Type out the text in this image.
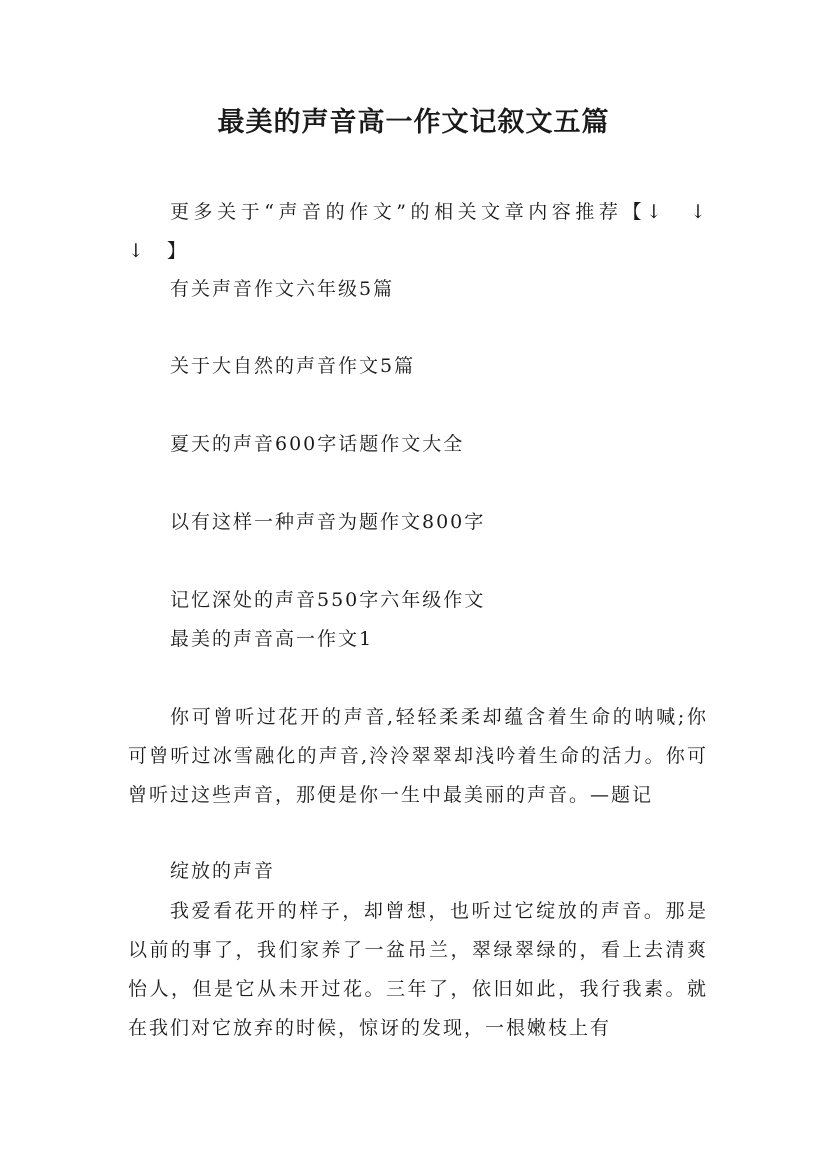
最美的声音高一作文记叙文五篇

更多关于“声音的作文”的相关文章内容推荐【↓　↓　↓　】

有关声音作文六年级5篇

关于大自然的声音作文5篇

夏天的声音600字话题作文大全

以有这样一种声音为题作文800字

记忆深处的声音550字六年级作文

最美的声音高一作文1

你可曾听过花开的声音,轻轻柔柔却蕴含着生命的呐喊;你可曾听过冰雪融化的声音,泠泠翠翠却浅吟着生命的活力。你可曾听过这些声音，那便是你一生中最美丽的声音。—题记

绽放的声音

我爱看花开的样子，却曾想，也听过它绽放的声音。那是以前的事了，我们家养了一盆吊兰，翠绿翠绿的，看上去清爽怡人，但是它从未开过花。三年了，依旧如此，我行我素。就在我们对它放弃的时候，惊讶的发现，一根嫩枝上有
